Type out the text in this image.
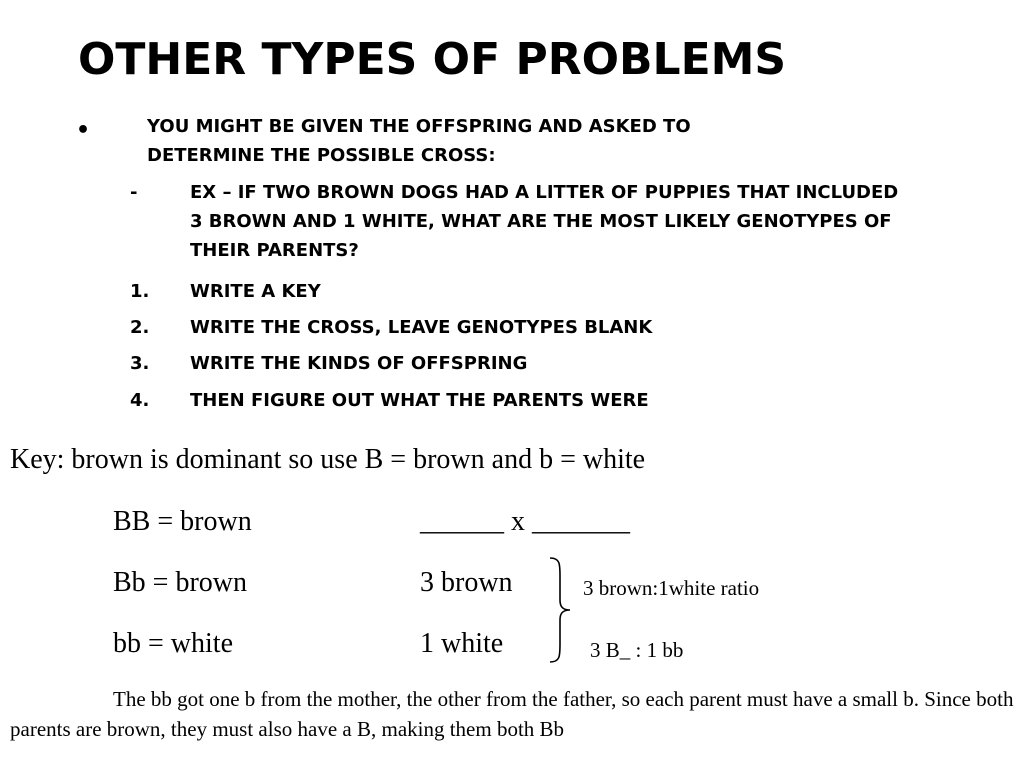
OTHER TYPES OF PROBLEMS
•	YOU MIGHT BE GIVEN THE OFFSPRING AND ASKED TO DETERMINE THE POSSIBLE CROSS:
-	EX – IF TWO BROWN DOGS HAD A LITTER OF PUPPIES THAT INCLUDED 3 BROWN AND 1 WHITE, WHAT ARE THE MOST LIKELY GENOTYPES OF THEIR PARENTS?
1. WRITE A KEY
2. WRITE THE CROSS, LEAVE GENOTYPES BLANK
3. WRITE THE KINDS OF OFFSPRING
4. THEN FIGURE OUT WHAT THE PARENTS WERE
Key: brown is dominant so use B = brown and b = white
BB = brown
Bb = brown
bb = white
______ x _______
3 brown
1 white
3 brown:1white ratio
3 B_ : 1 bb
The bb got one b from the mother, the other from the father, so each parent must have a small b. Since both parents are brown, they must also have a B, making them both Bb
